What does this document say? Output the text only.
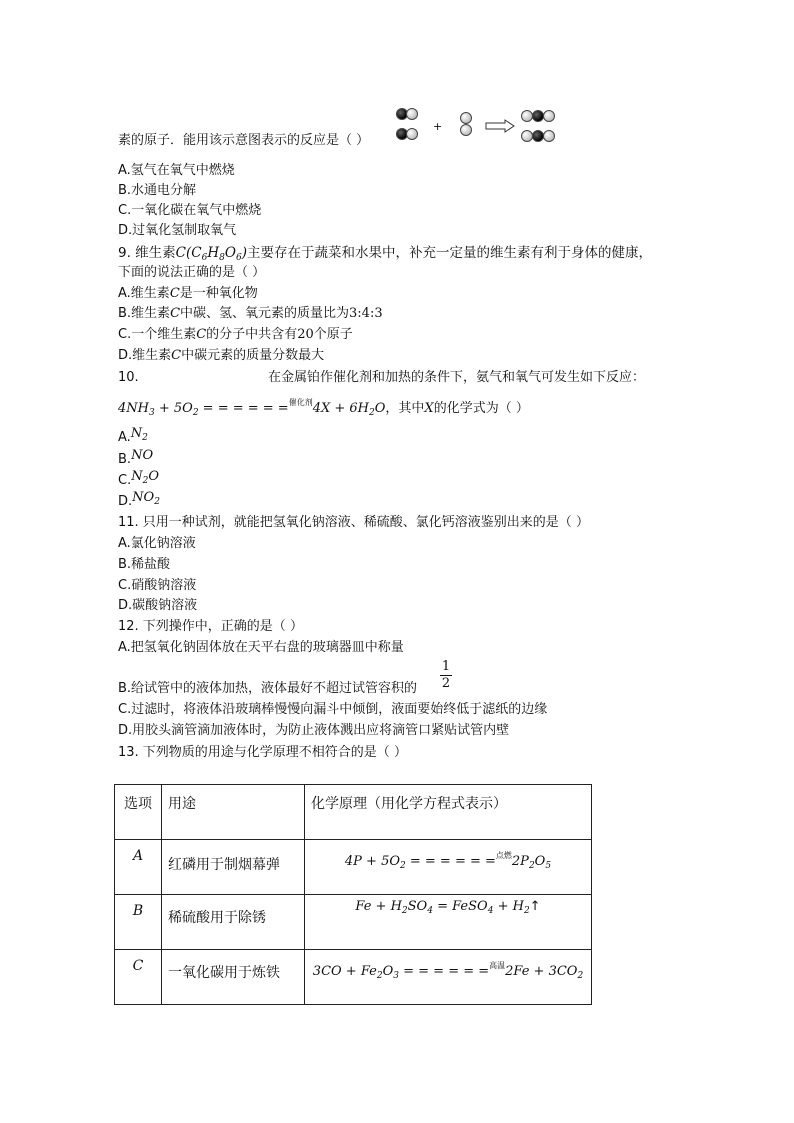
+
素的原子．能用该示意图表示的反应是（ ）
A.氢气在氧气中燃烧
B.水通电分解
C.一氧化碳在氧气中燃烧
D.过氧化氢制取氧气
9. 维生素$C(C_6H_8O_6)$主要存在于蔬菜和水果中，补充一定量的维生素有利于身体的健康，
下面的说法正确的是（ ）
A.维生素C是一种氧化物
B.维生素C中碳、氢、氧元素的质量比为3:4:3
C.一个维生素C的分子中共含有20个原子
D.维生素C中碳元素的质量分数最大
10.	在金属铂作催化剂和加热的条件下，氨气和氧气可发生如下反应：
$4NH_3 + 5O_2$ = = = = = $=^{催化剂}4X + 6H_2O$，其中X的化学式为（ ）
$A.N_2$
B.NO
$C.N_2O$
$D.NO_2$
11. 只用一种试剂，就能把氢氧化钠溶液、稀硫酸、氯化钙溶液鉴别出来的是（ ）
A.氯化钠溶液
B.稀盐酸
C.硝酸钠溶液
D.碳酸钠溶液
12. 下列操作中，正确的是（ ）
A.把氢氧化钠固体放在天平右盘的玻璃器皿中称量
B.给试管中的液体加热，液体最好不超过试管容积的
1
2
C.过滤时，将液体沿玻璃棒慢慢向漏斗中倾倒，液面要始终低于滤纸的边缘
D.用胶头滴管滴加液体时，为防止液体溅出应将滴管口紧贴试管内壁
13. 下列物质的用途与化学原理不相符合的是（ ）
选项	用途	化学原理（用化学方程式表示）
A	红磷用于制烟幕弹	$4P + 5O_2$ = = = = = $=^{点燃}2P_2O_5$
B	稀硫酸用于除锈	$Fe + H_2SO_4$ = FeSO$_4$ + $H_2↑$
C	一氧化碳用于炼铁	$3CO + Fe_2O_3$ = = = = = $=^{高温}2Fe + 3CO_2$
